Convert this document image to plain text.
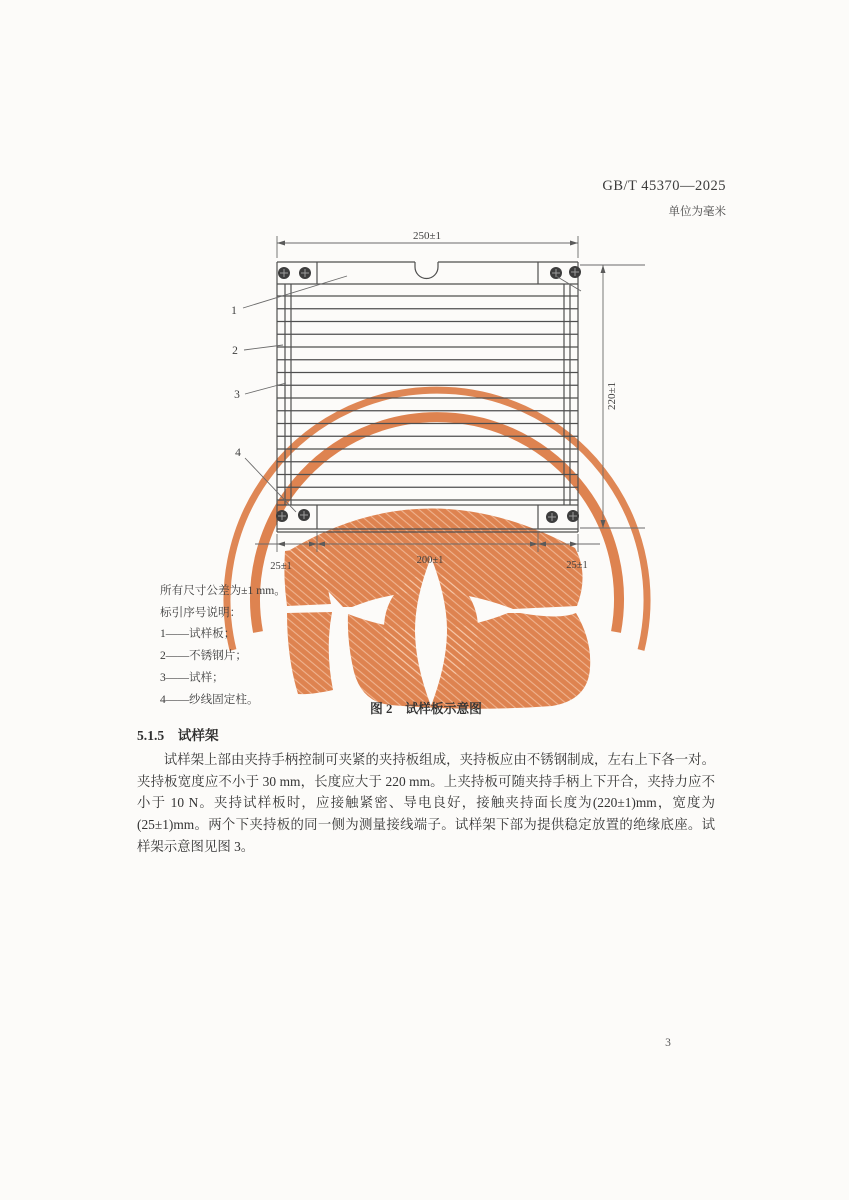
250±1
220±1
25±1
200±1	25±1
1
2
3
4
GB/T 45370—2025
单位为毫米
所有尺寸公差为±1 mm。
标引序号说明：
1——试样板；
2——不锈钢片；
3——试样；
4——纱线固定柱。
图 2　试样板示意图
5.1.5　试样架
试样架上部由夹持手柄控制可夹紧的夹持板组成，夹持板应由不锈钢制成，左右上下各一对。夹持板宽度应不小于 30 mm，长度应大于 220 mm。上夹持板可随夹持手柄上下开合，夹持力应不小于 10 N。夹持试样板时，应接触紧密、导电良好，接触夹持面长度为(220±1)mm，宽度为(25±1)mm。两个下夹持板的同一侧为测量接线端子。试样架下部为提供稳定放置的绝缘底座。试样架示意图见图 3。
3
